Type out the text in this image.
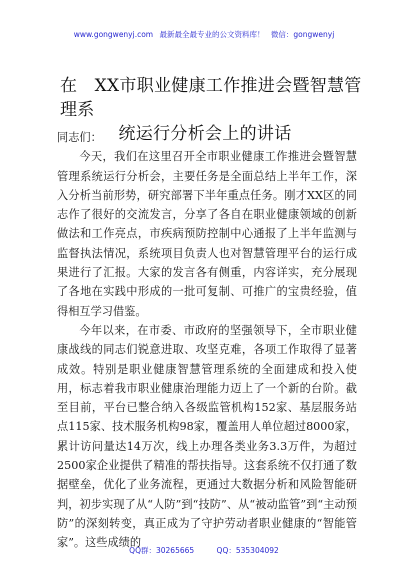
www.gongwenyj.com 最新最全最专业的公文资料库！ 微信：gongwenyj
在　XX市职业健康工作推进会暨智慧管理系
统运行分析会上的讲话

同志们：

今天，我们在这里召开全市职业健康工作推进会暨智慧管理系统运行分析会，主要任务是全面总结上半年工作，深入分析当前形势，研究部署下半年重点任务。刚才XX区的同志作了很好的交流发言，分享了各自在职业健康领域的创新做法和工作亮点，市疾病预防控制中心通报了上半年监测与监督执法情况，系统项目负责人也对智慧管理平台的运行成果进行了汇报。大家的发言各有侧重，内容详实，充分展现了各地在实践中形成的一批可复制、可推广的宝贵经验，值得相互学习借鉴。

今年以来，在市委、市政府的坚强领导下，全市职业健康战线的同志们锐意进取、攻坚克难，各项工作取得了显著成效。特别是职业健康智慧管理系统的全面建成和投入使用，标志着我市职业健康治理能力迈上了一个新的台阶。截至目前，平台已整合纳入各级监管机构152家、基层服务站点115家、技术服务机构98家，覆盖用人单位超过8000家，累计访问量达14万次，线上办理各类业务3.3万件，为超过2500家企业提供了精准的帮扶指导。这套系统不仅打通了数据壁垒，优化了业务流程，更通过大数据分析和风险智能研判，初步实现了从“人防”到“技防”、从“被动监管”到“主动预防”的深刻转变，真正成为了守护劳动者职业健康的“智能管家”。这些成绩的

QQ群：30265665	QQ：535304092
